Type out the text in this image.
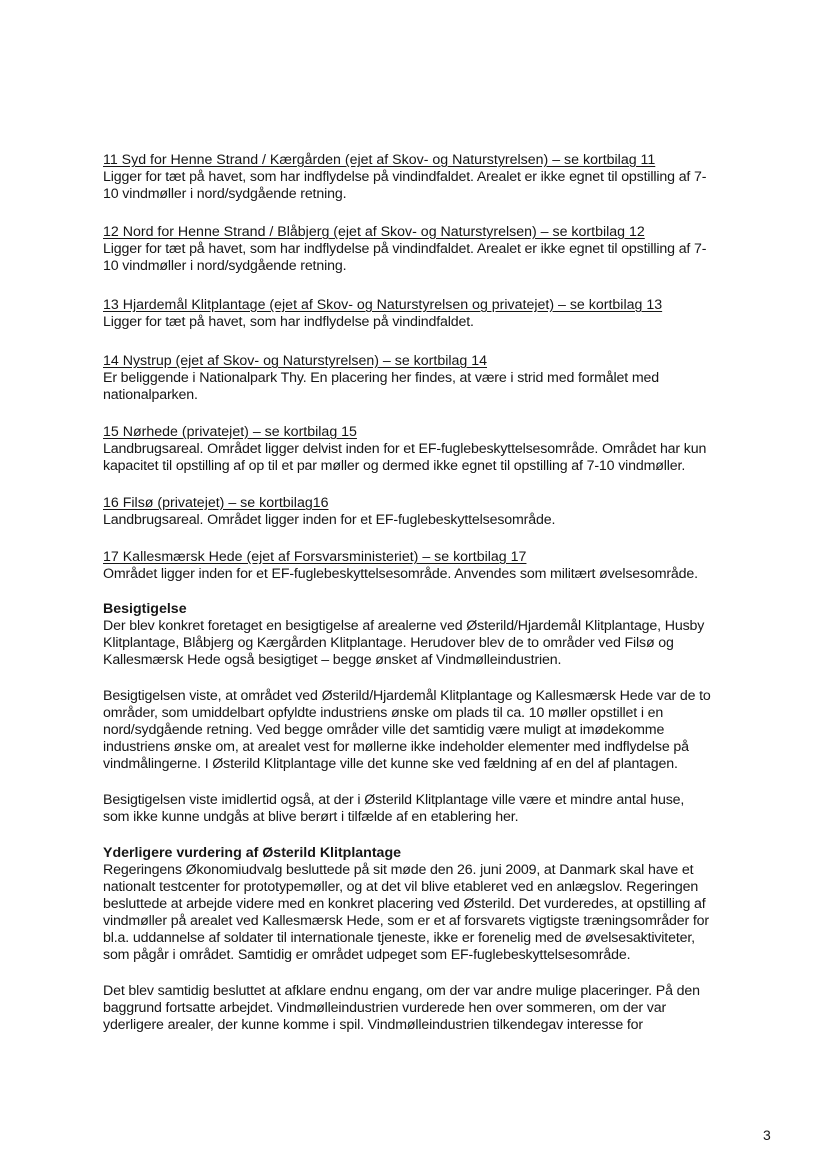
11 Syd for Henne Strand / Kærgården (ejet af Skov- og Naturstyrelsen) – se kortbilag 11

Ligger for tæt på havet, som har indflydelse på vindindfaldet. Arealet er ikke egnet til opstilling af 7-
10 vindmøller i nord/sydgående retning.

12 Nord for Henne Strand / Blåbjerg (ejet af Skov- og Naturstyrelsen) – se kortbilag 12

Ligger for tæt på havet, som har indflydelse på vindindfaldet. Arealet er ikke egnet til opstilling af 7-
10 vindmøller i nord/sydgående retning.

13 Hjardemål Klitplantage (ejet af Skov- og Naturstyrelsen og privatejet) – se kortbilag 13

Ligger for tæt på havet, som har indflydelse på vindindfaldet.

14 Nystrup (ejet af Skov- og Naturstyrelsen) – se kortbilag 14

Er beliggende i Nationalpark Thy. En placering her findes, at være i strid med formålet med
nationalparken.

15 Nørhede (privatejet) – se kortbilag 15

Landbrugsareal. Området ligger delvist inden for et EF-fuglebeskyttelsesområde. Området har kun
kapacitet til opstilling af op til et par møller og dermed ikke egnet til opstilling af 7-10 vindmøller.

16 Filsø (privatejet) – se kortbilag16

Landbrugsareal. Området ligger inden for et EF-fuglebeskyttelsesområde.

17 Kallesmærsk Hede (ejet af Forsvarsministeriet) – se kortbilag 17

Området ligger inden for et EF-fuglebeskyttelsesområde. Anvendes som militært øvelsesområde.

Besigtigelse

Der blev konkret foretaget en besigtigelse af arealerne ved Østerild/Hjardemål Klitplantage, Husby
Klitplantage, Blåbjerg og Kærgården Klitplantage. Herudover blev de to områder ved Filsø og
Kallesmærsk Hede også besigtiget – begge ønsket af Vindmølleindustrien.

Besigtigelsen viste, at området ved Østerild/Hjardemål Klitplantage og Kallesmærsk Hede var de to
områder, som umiddelbart opfyldte industriens ønske om plads til ca. 10 møller opstillet i en
nord/sydgående retning. Ved begge områder ville det samtidig være muligt at imødekomme
industriens ønske om, at arealet vest for møllerne ikke indeholder elementer med indflydelse på
vindmålingerne. I Østerild Klitplantage ville det kunne ske ved fældning af en del af plantagen.

Besigtigelsen viste imidlertid også, at der i Østerild Klitplantage ville være et mindre antal huse,
som ikke kunne undgås at blive berørt i tilfælde af en etablering her.

Yderligere vurdering af Østerild Klitplantage

Regeringens Økonomiudvalg besluttede på sit møde den 26. juni 2009, at Danmark skal have et
nationalt testcenter for prototypemøller, og at det vil blive etableret ved en anlægslov. Regeringen
besluttede at arbejde videre med en konkret placering ved Østerild. Det vurderedes, at opstilling af
vindmøller på arealet ved Kallesmærsk Hede, som er et af forsvarets vigtigste træningsområder for
bl.a. uddannelse af soldater til internationale tjeneste, ikke er forenelig med de øvelsesaktiviteter,
som pågår i området. Samtidig er området udpeget som EF-fuglebeskyttelsesområde.

Det blev samtidig besluttet at afklare endnu engang, om der var andre mulige placeringer. På den
baggrund fortsatte arbejdet. Vindmølleindustrien vurderede hen over sommeren, om der var
yderligere arealer, der kunne komme i spil. Vindmølleindustrien tilkendegav interesse for

3
